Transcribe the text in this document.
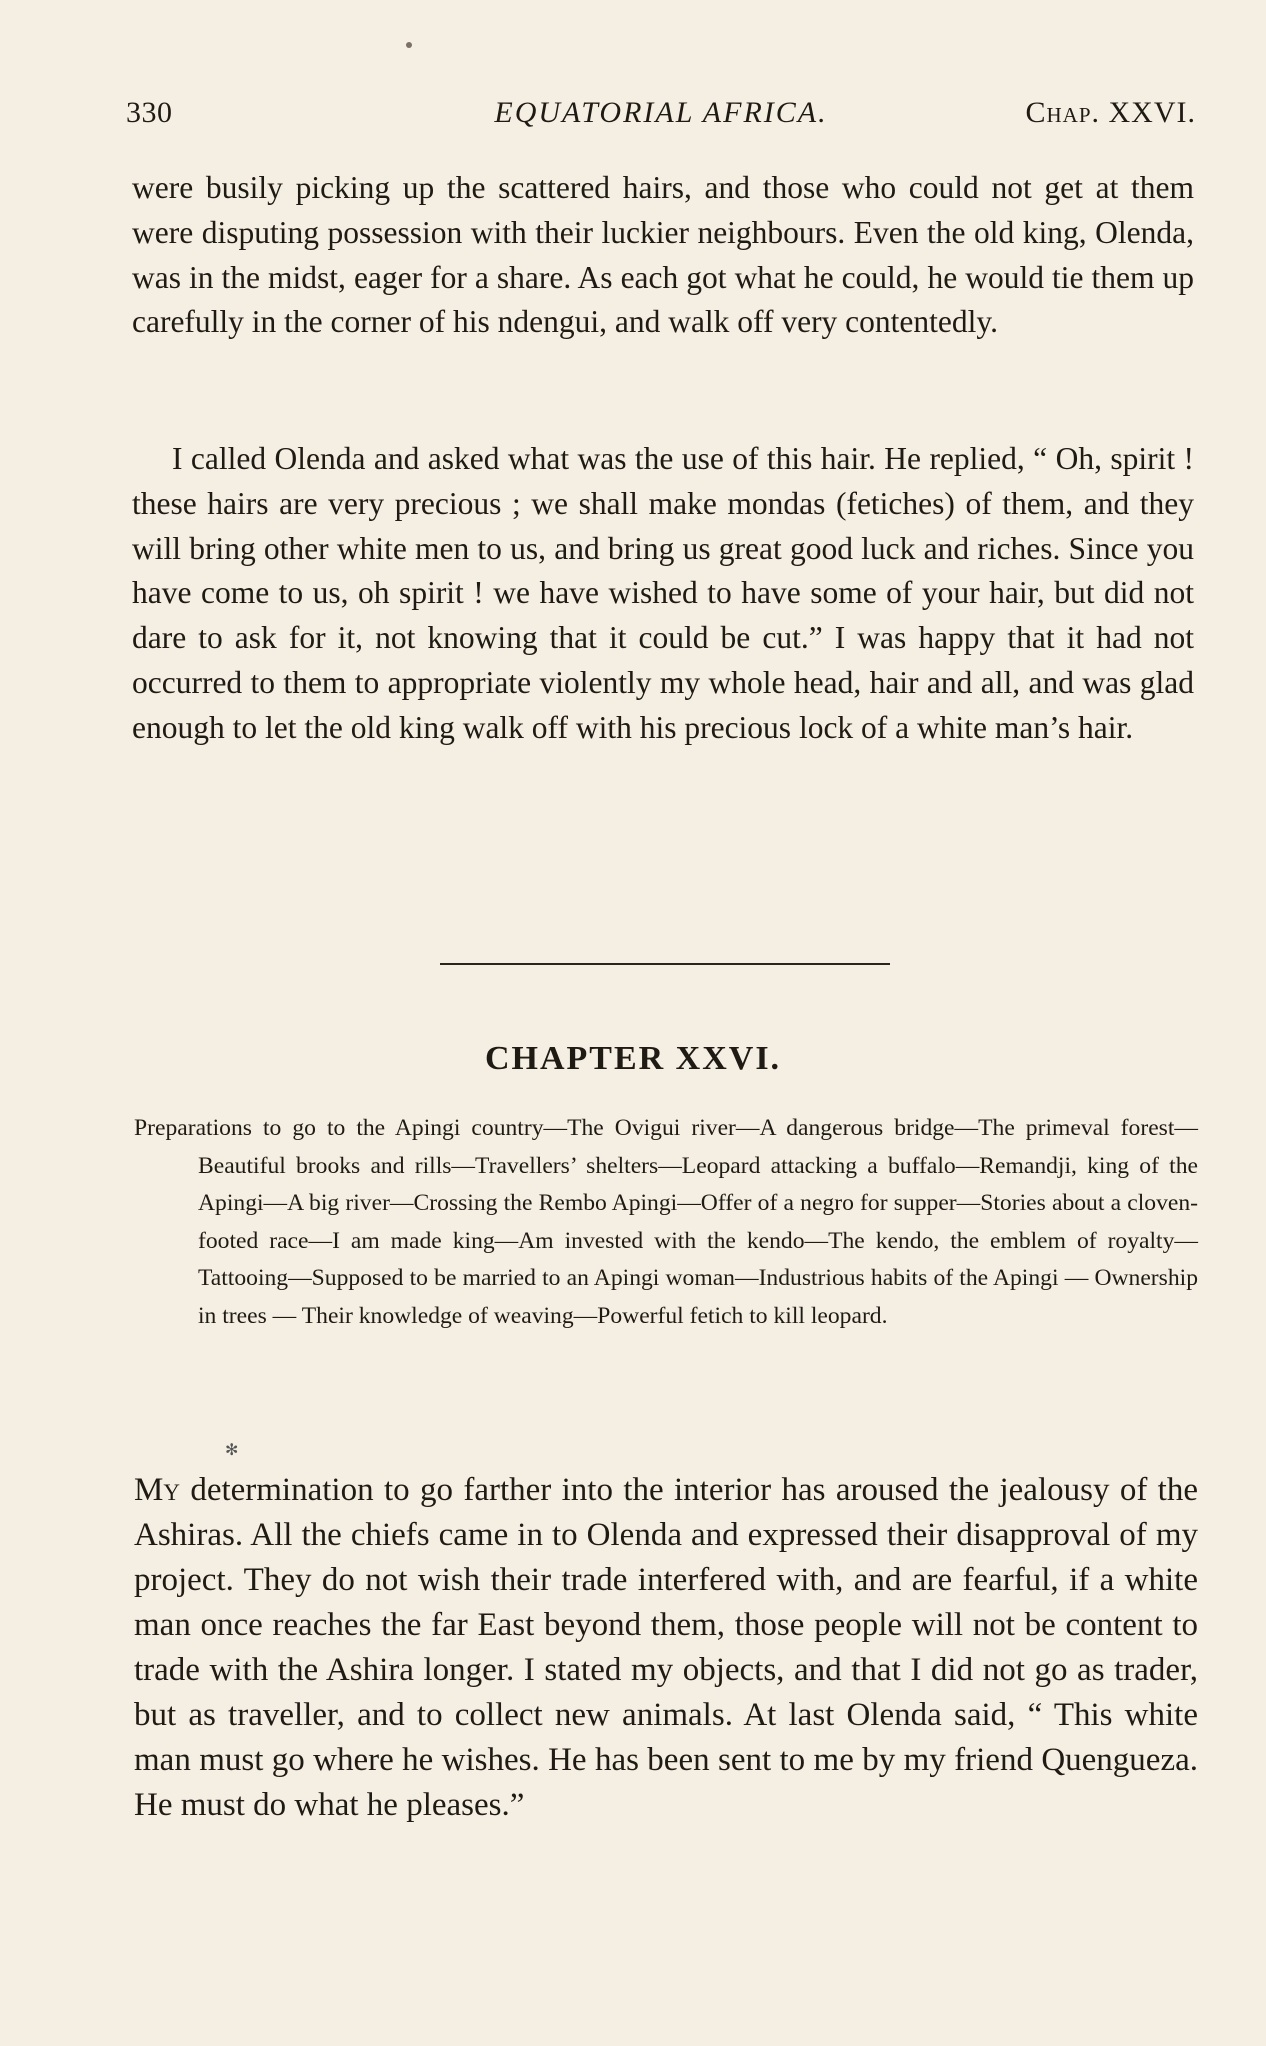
330	EQUATORIAL AFRICA.	Chap. XXVI.

were busily picking up the scattered hairs, and those who could not get at them were disputing possession with their luckier neighbours. Even the old king, Olenda, was in the midst, eager for a share. As each got what he could, he would tie them up carefully in the corner of his ndengui, and walk off very contentedly.

I called Olenda and asked what was the use of this hair. He replied, “ Oh, spirit ! these hairs are very precious ; we shall make mondas (fetiches) of them, and they will bring other white men to us, and bring us great good luck and riches. Since you have come to us, oh spirit ! we have wished to have some of your hair, but did not dare to ask for it, not knowing that it could be cut.” I was happy that it had not occurred to them to appropriate violently my whole head, hair and all, and was glad enough to let the old king walk off with his precious lock of a white man’s hair.

CHAPTER XXVI.

Preparations to go to the Apingi country—The Ovigui river—A dangerous bridge—The primeval forest—Beautiful brooks and rills—Travellers’ shelters—Leopard attacking a buffalo—Remandji, king of the Apingi—A big river—Crossing the Rembo Apingi—Offer of a negro for supper—Stories about a cloven-footed race—I am made king—Am invested with the kendo—The kendo, the emblem of royalty—Tattooing—Supposed to be married to an Apingi woman—Industrious habits of the Apingi — Ownership in trees — Their knowledge of weaving—Powerful fetich to kill leopard.

✻

My determination to go farther into the interior has aroused the jealousy of the Ashiras. All the chiefs came in to Olenda and expressed their disapproval of my project. They do not wish their trade interfered with, and are fearful, if a white man once reaches the far East beyond them, those people will not be content to trade with the Ashira longer. I stated my objects, and that I did not go as trader, but as traveller, and to collect new animals. At last Olenda said, “ This white man must go where he wishes. He has been sent to me by my friend Quengueza. He must do what he pleases.”
